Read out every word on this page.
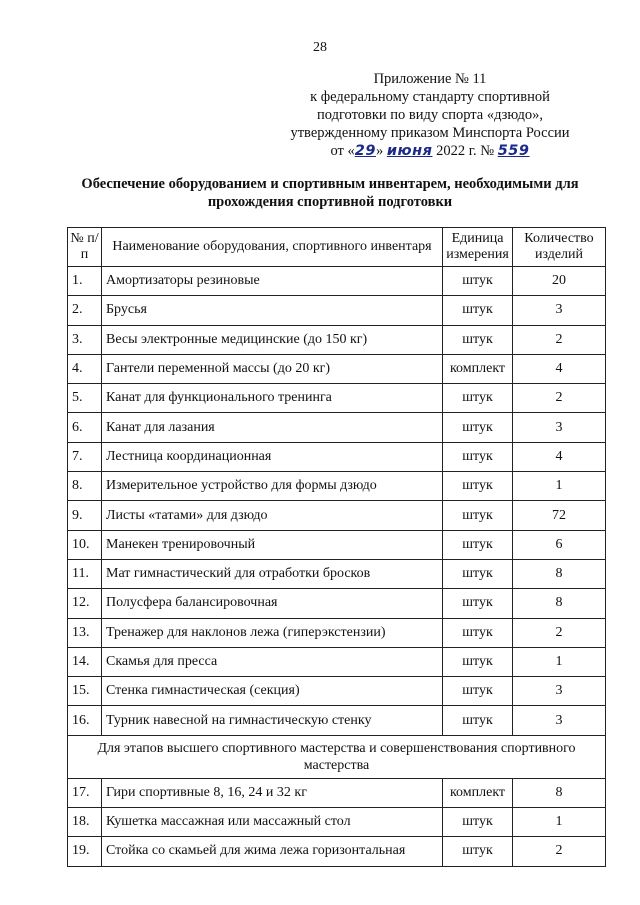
28
Приложение № 11
к федеральному стандарту спортивной
подготовки по виду спорта «дзюдо»,
утвержденному приказом Минспорта России
от «29» июня 2022 г. № 559
Обеспечение оборудованием и спортивным инвентарем, необходимыми для прохождения спортивной подготовки
№ п/п	Наименование оборудования, спортивного инвентаря	Единица измерения	Количество изделий
1.	Амортизаторы резиновые	штук	20
2.	Брусья	штук	3
3.	Весы электронные медицинские (до 150 кг)	штук	2
4.	Гантели переменной массы (до 20 кг)	комплект	4
5.	Канат для функционального тренинга	штук	2
6.	Канат для лазания	штук	3
7.	Лестница координационная	штук	4
8.	Измерительное устройство для формы дзюдо	штук	1
9.	Листы «татами» для дзюдо	штук	72
10.	Манекен тренировочный	штук	6
11.	Мат гимнастический для отработки бросков	штук	8
12.	Полусфера балансировочная	штук	8
13.	Тренажер для наклонов лежа (гиперэкстензии)	штук	2
14.	Скамья для пресса	штук	1
15.	Стенка гимнастическая (секция)	штук	3
16.	Турник навесной на гимнастическую стенку	штук	3
Для этапов высшего спортивного мастерства и совершенствования спортивного мастерства			
17.	Гири спортивные 8, 16, 24 и 32 кг	комплект	8
18.	Кушетка массажная или массажный стол	штук	1
19.	Стойка со скамьей для жима лежа горизонтальная	штук	2
